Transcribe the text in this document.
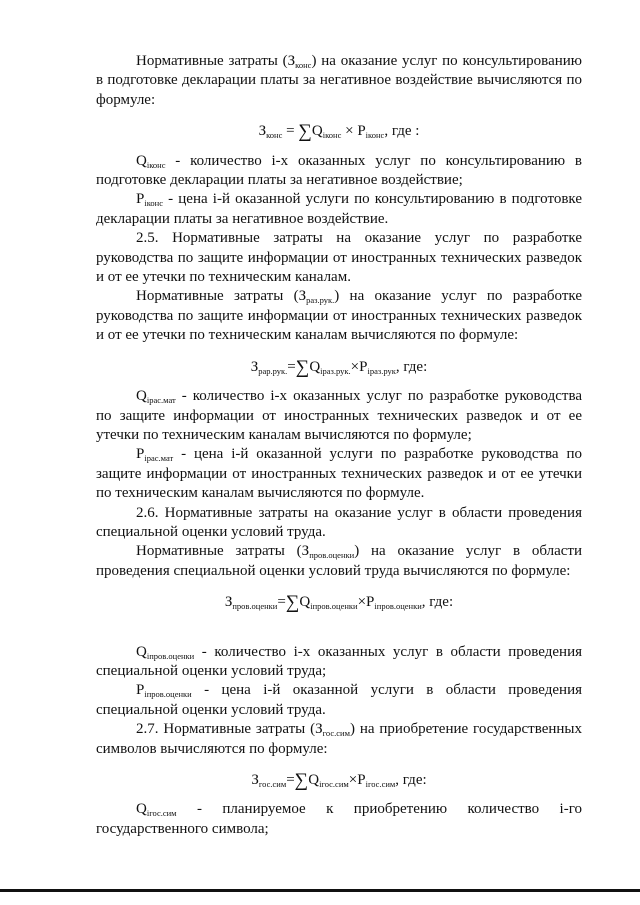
Нормативные затраты $(З_{конс})$ на оказание услуг по консультированию в подготовке декларации платы за негативное воздействие вычисляются по формуле:

$З_{конс} = \sum Q_{iконс} \times P_{iконс}$, где :

$Q_{iконс}$ - количество i-х оказанных услуг по консультированию в подготовке декларации платы за негативное воздействие;

$P_{iконс}$ - цена i-й оказанной услуги по консультированию в подготовке декларации платы за негативное воздействие.

2.5. Нормативные затраты на оказание услуг по разработке руководства по защите информации от иностранных технических разведок и от ее утечки по техническим каналам.

Нормативные затраты $(З_{раз.рук.})$ на оказание услуг по разработке руководства по защите информации от иностранных технических разведок и от ее утечки по техническим каналам вычисляются по формуле:

$З_{рар.рук.}=\sum Q_{iраз.рук.}\times P_{iраз.рук}$, где:

$Q_{iрас.мат}$ - количество i-х оказанных услуг по разработке руководства по защите информации от иностранных технических разведок и от ее утечки по техническим каналам вычисляются по формуле;

$P_{iрас.мат}$ - цена i-й оказанной услуги по разработке руководства по защите информации от иностранных технических разведок и от ее утечки по техническим каналам вычисляются по формуле.

2.6. Нормативные затраты на оказание услуг в области проведения специальной оценки условий труда.

Нормативные затраты $(З_{пров.оценки})$ на оказание услуг в области проведения специальной оценки условий труда вычисляются по формуле:

$З_{пров.оценки}=\sum Q_{iпров.оценки}\times P_{iпров.оценки}$, где:

$Q_{iпров.оценки}$ - количество i-х оказанных услуг в области проведения специальной оценки условий труда;

$P_{iпров.оценки}$ - цена i-й оказанной услуги в области проведения специальной оценки условий труда.

2.7. Нормативные затраты $(З_{гос.сим})$ на приобретение государственных символов вычисляются по формуле:

$З_{гос.сим}=\sum Q_{iгос.сим}\times P_{iгос.сим}$, где:

$Q_{iгос.сим}$ - планируемое к приобретению количество i-го государственного символа;
